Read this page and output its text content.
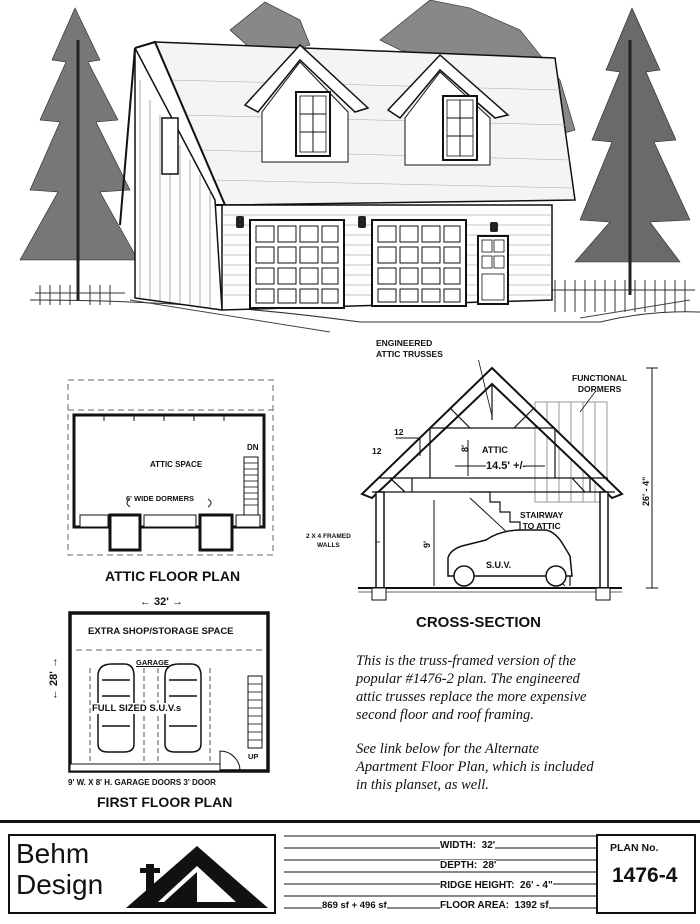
ATTIC SPACE
6' WIDE DORMERS
DN
ATTIC FLOOR PLAN
← 32' →
← 28' →
EXTRA SHOP/STORAGE SPACE
GARAGE
FULL SIZED S.U.V.s
UP
9' W. X 8' H. GARAGE DOORS 3' DOOR
FIRST FLOOR PLAN
ENGINEERED
ATTIC TRUSSES
FUNCTIONAL
DORMERS
12
12	ATTIC
8'
14.5' +/-
STAIRWAY
TO ATTIC
2 X 4 FRAMED
WALLS	9'
S.U.V.
26' - 4"
CROSS-SECTION

This is the truss-framed version of the

popular #1476-2 plan. The engineered

attic trusses replace the more expensive

second floor and roof framing.

See link below for the Alternate

Apartment Floor Plan, which is included

in this planset, as well.

Behm
Design
WIDTH: 32'
DEPTH: 28'
RIDGE HEIGHT: 26' - 4"
869 sf + 496 sf	FLOOR AREA: 1392 sf
PLAN No.
1476-4
